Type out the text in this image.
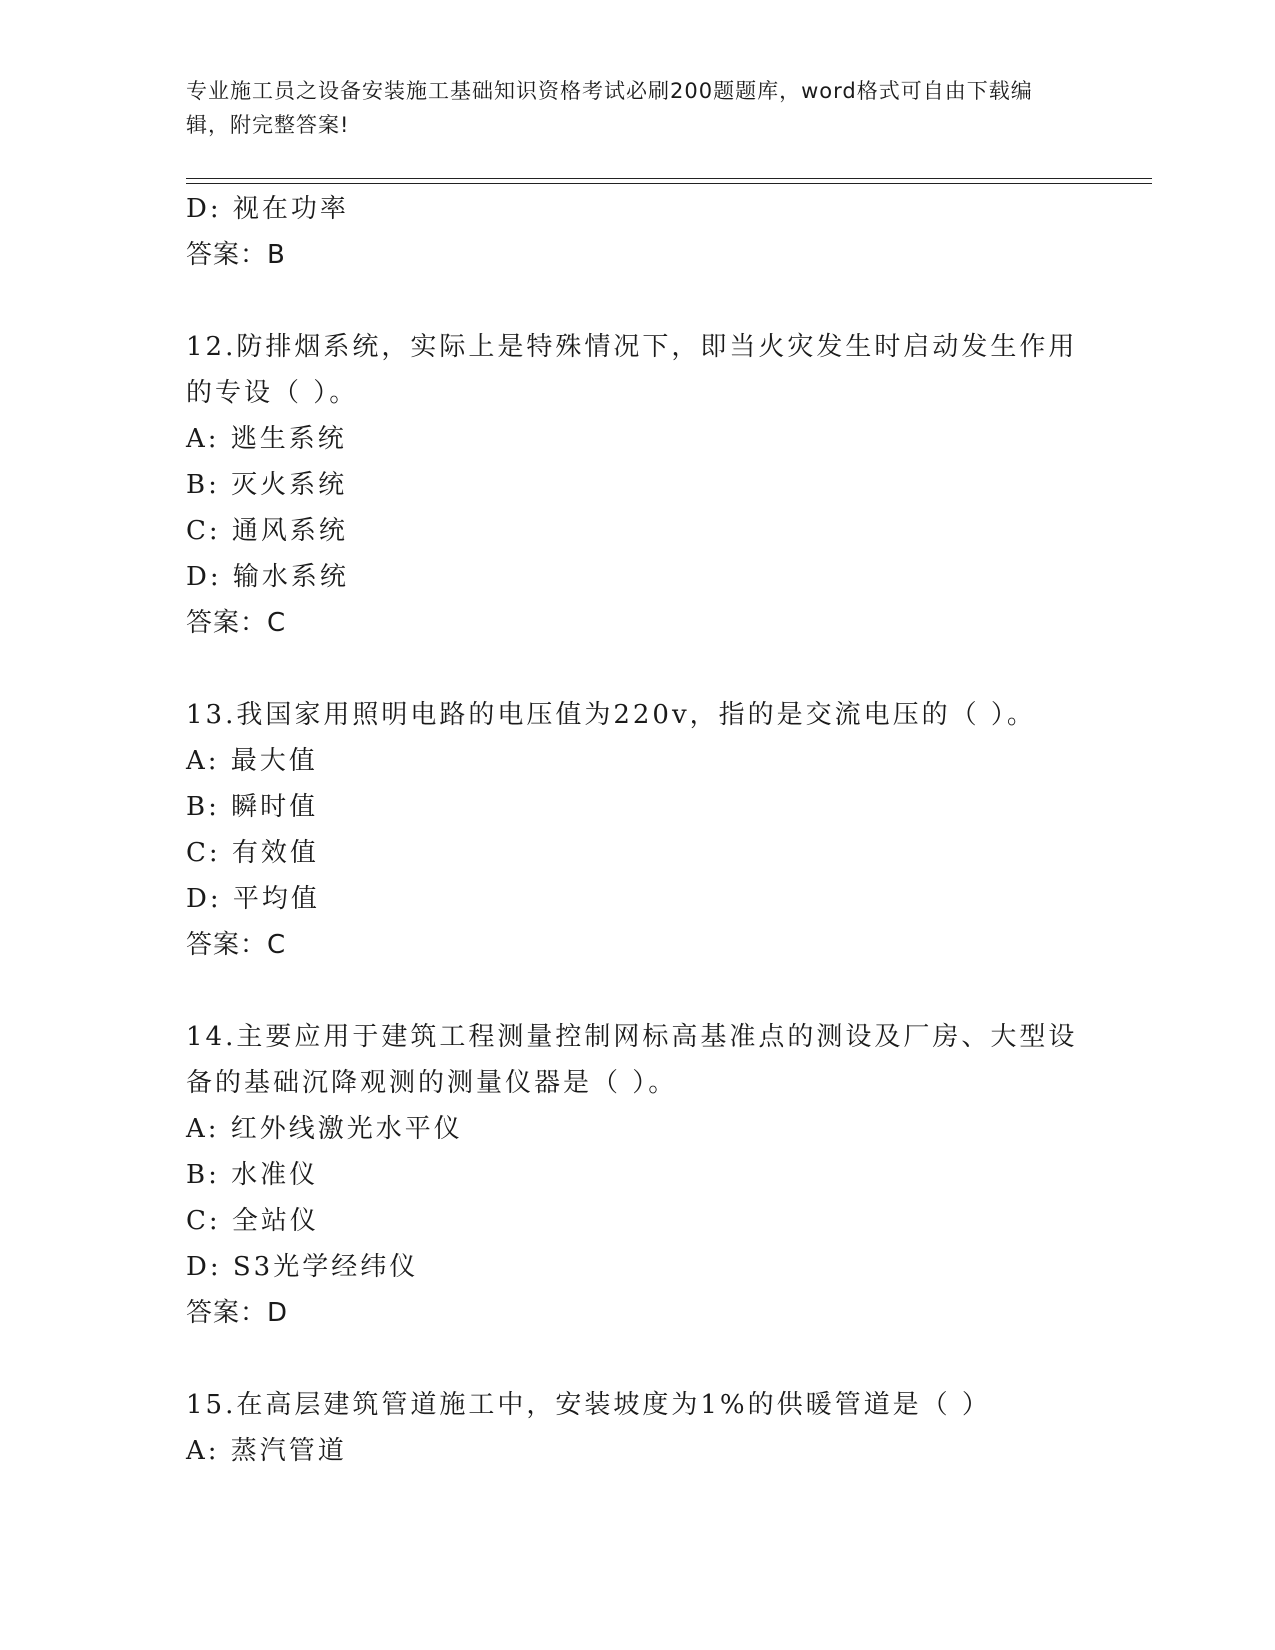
专业施工员之设备安装施工基础知识资格考试必刷200题题库，word格式可自由下载编辑，附完整答案!
D: 视在功率
答案：B
12.防排烟系统，实际上是特殊情况下，即当火灾发生时启动发生作用的专设（ ）。
A: 逃生系统
B: 灭火系统
C: 通风系统
D: 输水系统
答案：C
13.我国家用照明电路的电压值为220v，指的是交流电压的（ ）。
A: 最大值
B: 瞬时值
C: 有效值
D: 平均值
答案：C
14.主要应用于建筑工程测量控制网标高基准点的测设及厂房、大型设备的基础沉降观测的测量仪器是（ ）。
A: 红外线激光水平仪
B: 水准仪
C: 全站仪
D: S3光学经纬仪
答案：D
15.在高层建筑管道施工中，安装坡度为1%的供暖管道是（ ）
A: 蒸汽管道
